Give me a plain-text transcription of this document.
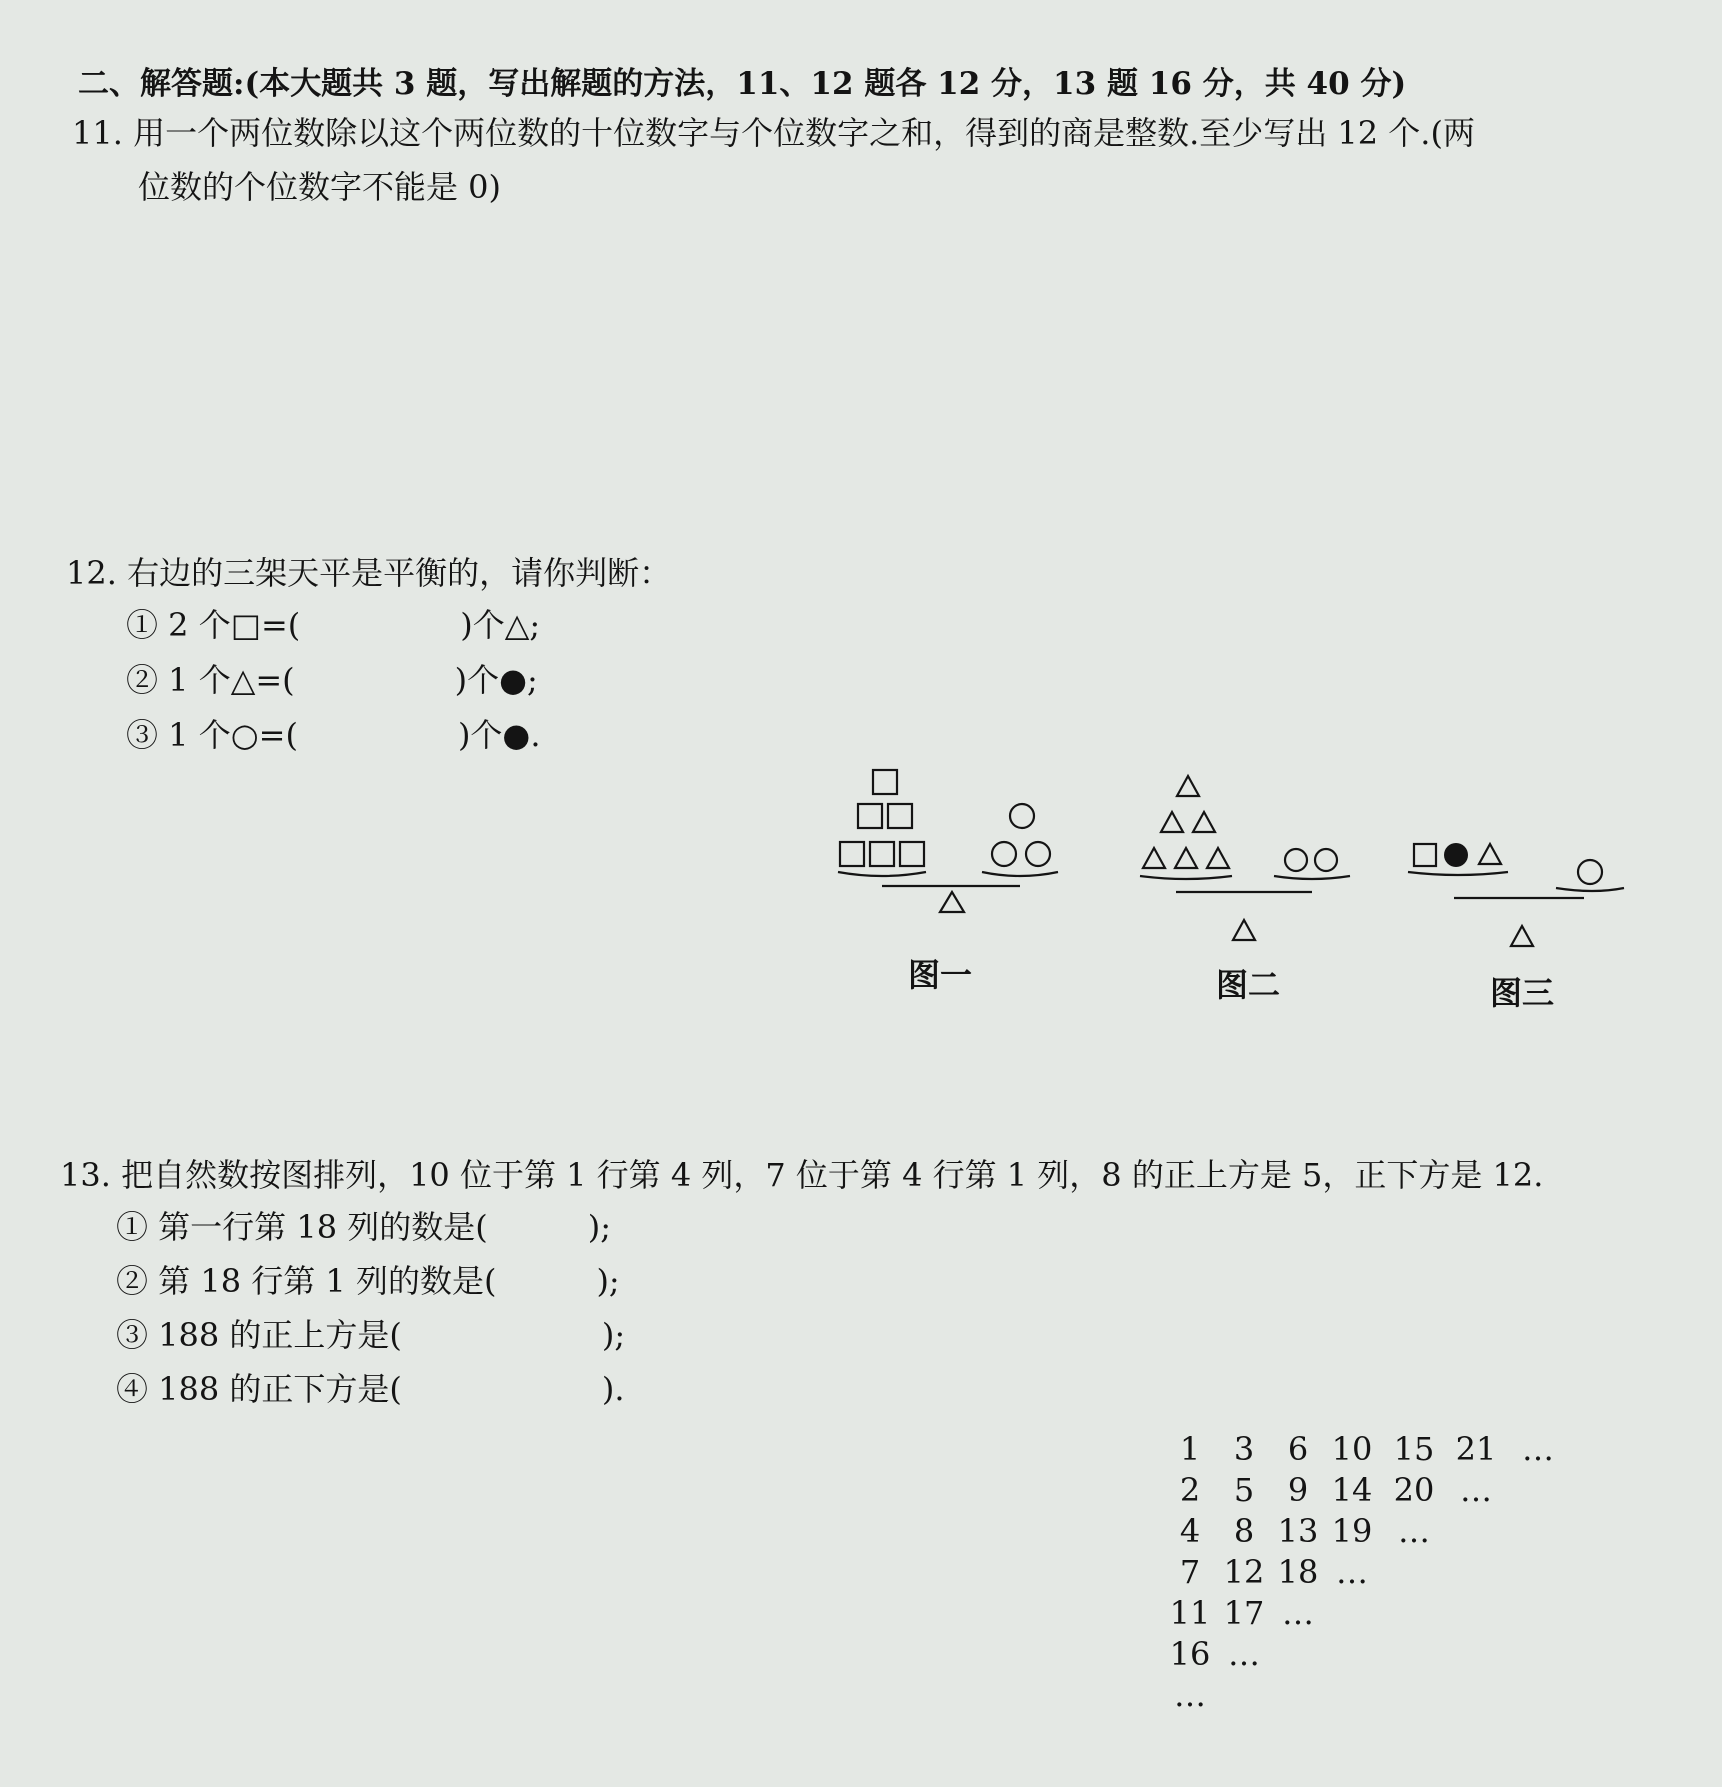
二、解答题:(本大题共 3 题，写出解题的方法，11、12 题各 12 分，13 题 16 分，共 40 分)
11. 用一个两位数除以这个两位数的十位数字与个位数字之和，得到的商是整数.至少写出 12 个.(两
位数的个位数字不能是 0)
12. 右边的三架天平是平衡的，请你判断：
① 2 个□=(	)个△;
② 1 个△=(	)个●;
③ 1 个○=(	)个●.
图一	图二	图三
13. 把自然数按图排列，10 位于第 1 行第 4 列，7 位于第 4 行第 1 列，8 的正上方是 5，正下方是 12.
① 第一行第 18 列的数是(	);
② 第 18 行第 1 列的数是(	);
③ 188 的正上方是(	);
④ 188 的正下方是(	).
1	3	6 10 15 21 …
2	5	9 14 20 …
4	8 13 19 …
7 12 18 …
11 17 …
16 …
…
